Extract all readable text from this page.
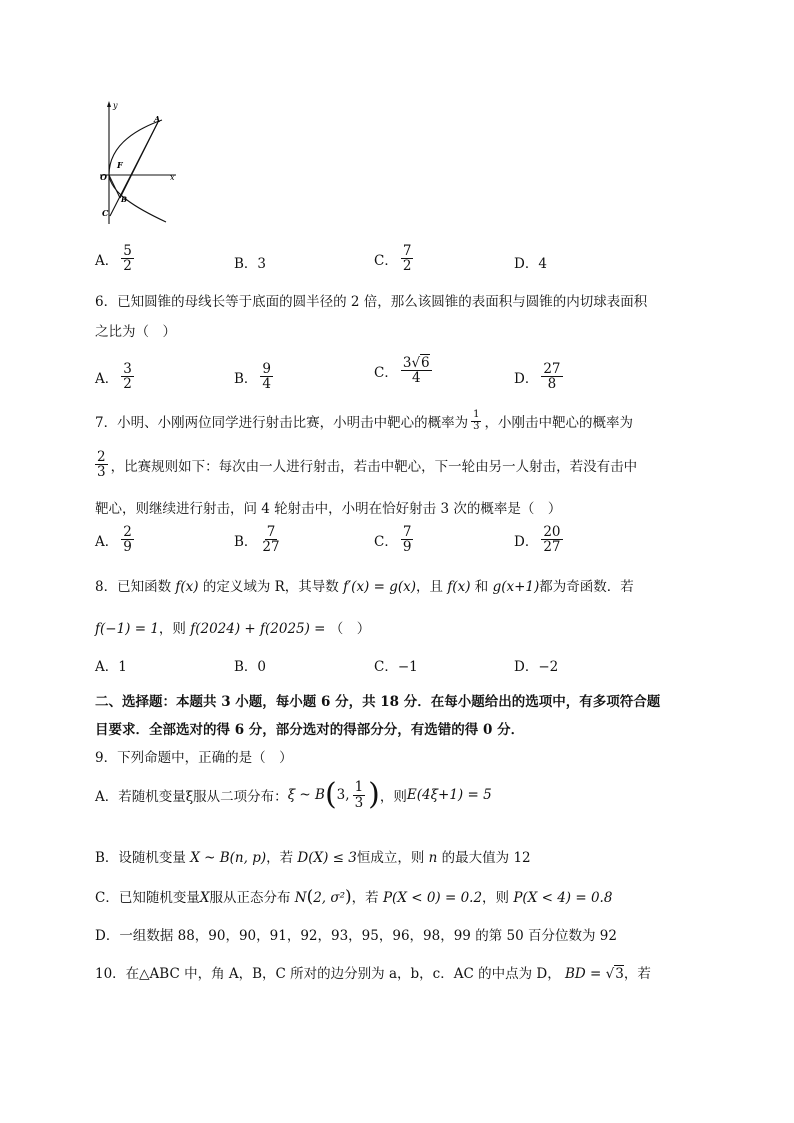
y
x
A
F
O
B
C
A． $\frac{5}{2}$	B．3	C． $\frac{7}{2}$	D．4
6．已知圆锥的母线长等于底面的圆半径的 2 倍，那么该圆锥的表面积与圆锥的内切球表面积
之比为（　）
A． $\frac{3}{2}$	B． $\frac{9}{4}$	C． $\frac{3√6}{4}$	D． $\frac{27}{8}$
7．小明、小刚两位同学进行射击比赛，小明击中靶心的概率为 $\frac{1}{3}$ ，小刚击中靶心的概率为
$\frac{2}{3}$ ，比赛规则如下：每次由一人进行射击，若击中靶心，下一轮由另一人射击，若没有击中
靶心，则继续进行射击，问 4 轮射击中，小明在恰好射击 3 次的概率是（　）
A． $\frac{2}{9}$	B． $\frac{7}{27}$	C． $\frac{7}{9}$	D． $\frac{20}{27}$
8．已知函数 f(x) 的定义域为 R，其导数 f′(x) = g(x)，且 f(x) 和 g(x+1)都为奇函数．若
f(−1) = 1，则 f(2024) + f(2025) = （　）
A．1	B．0	C．−1	D．−2
二、选择题：本题共 3 小题，每小题 6 分，共 18 分．在每小题给出的选项中，有多项符合题
目要求．全部选对的得 6 分，部分选对的得部分分，有选错的得 0 分．
9．下列命题中，正确的是（　）
A．若随机变量ξ服从二项分布： ξ ~ B ( 3, $\frac{1}{3}$ ) ，则 E(4ξ+1) = 5
B．设随机变量 X ~ B(n, p)，若 D(X) ≤ 3恒成立，则 n 的最大值为 12
C．已知随机变量X服从正态分布 N(2, σ²)，若 P(X < 0) = 0.2，则 P(X < 4) = 0.8
D．一组数据 88，90，90，91，92，93，95，96，98，99 的第 50 百分位数为 92
10．在△ABC 中，角 A，B，C 所对的边分别为 a，b，c．AC 的中点为 D， BD = √3，若
